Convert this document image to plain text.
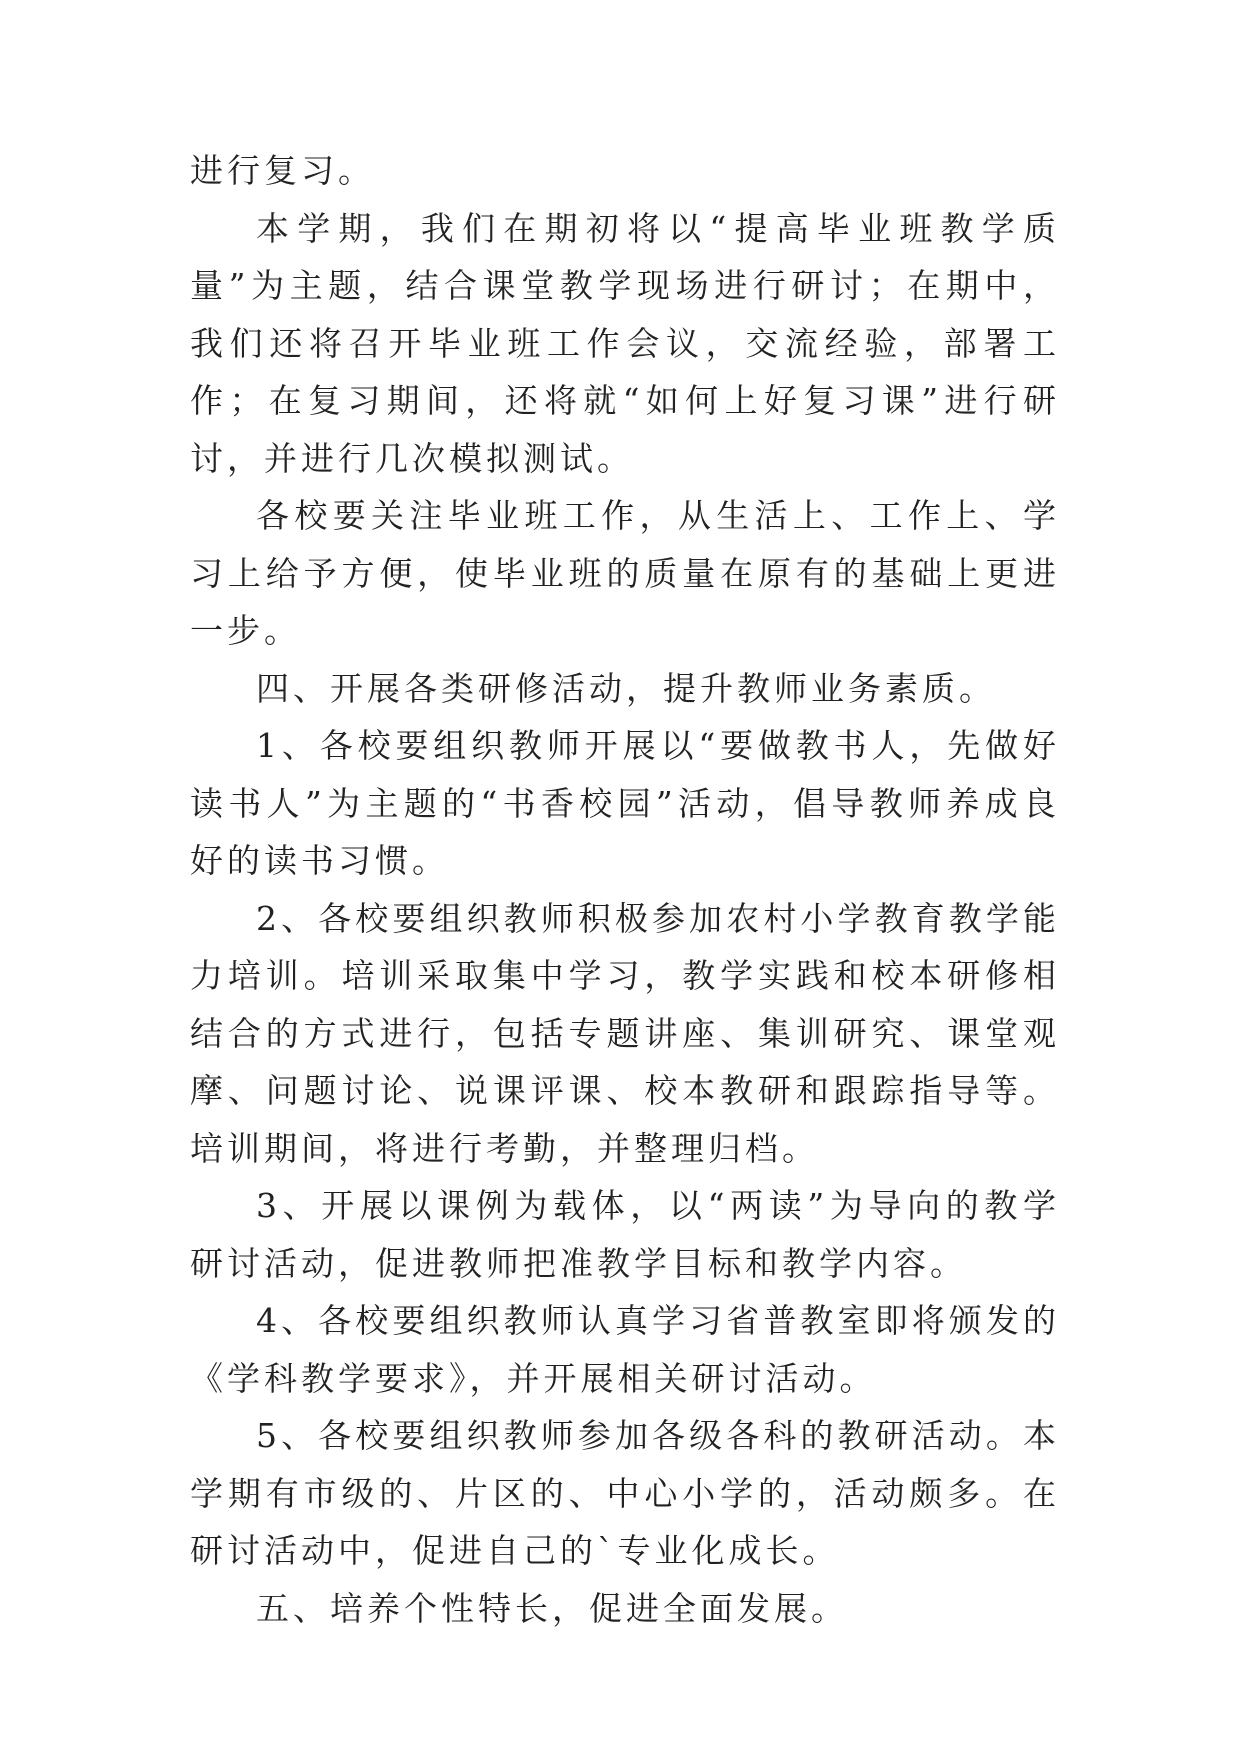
进行复习。

本学期，我们在期初将以“提高毕业班教学质量”为主题，结合课堂教学现场进行研讨；在期中，我们还将召开毕业班工作会议，交流经验，部署工作；在复习期间，还将就“如何上好复习课”进行研讨，并进行几次模拟测试。

各校要关注毕业班工作，从生活上、工作上、学习上给予方便，使毕业班的质量在原有的基础上更进一步。

四、开展各类研修活动，提升教师业务素质。

1、各校要组织教师开展以“要做教书人，先做好读书人”为主题的“书香校园”活动，倡导教师养成良好的读书习惯。

2、各校要组织教师积极参加农村小学教育教学能力培训。培训采取集中学习，教学实践和校本研修相结合的方式进行，包括专题讲座、集训研究、课堂观摩、问题讨论、说课评课、校本教研和跟踪指导等。培训期间，将进行考勤，并整理归档。

3、开展以课例为载体，以“两读”为导向的教学研讨活动，促进教师把准教学目标和教学内容。

4、各校要组织教师认真学习省普教室即将颁发的《学科教学要求》，并开展相关研讨活动。

5、各校要组织教师参加各级各科的教研活动。本学期有市级的、片区的、中心小学的，活动颇多。在研讨活动中，促进自己的`专业化成长。

五、培养个性特长，促进全面发展。
